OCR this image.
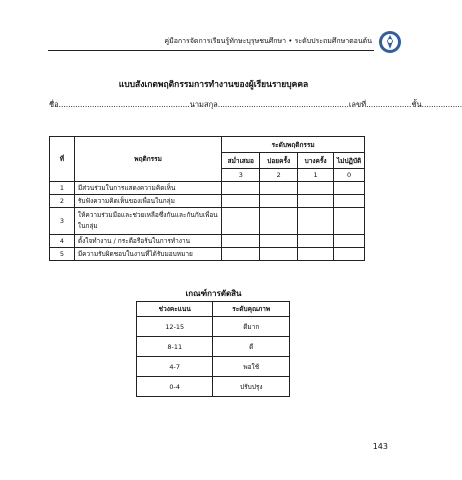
คู่มือการจัดการเรียนรู้ทักษะบุรุษชนศึกษา • ระดับประถมศึกษาตอนต้น
แบบสังเกตพฤติกรรมการทำงานของผู้เรียนรายบุคคล
ชื่อ.......................................................นามสกุล.......................................................เลขที่...................ชั้น.................
ที่	พฤติกรรม	ระดับพฤติกรรม			
		สม่ำเสมอ	บ่อยครั้ง	บางครั้ง	ไม่ปฏิบัติ
		3	2	1	0
1	มีส่วนร่วมในการแสดงความคิดเห็น				
2	รับฟังความคิดเห็นของเพื่อนในกลุ่ม				
3	ให้ความร่วมมือและช่วยเหลือซึ่งกันและกันกับเพื่อนในกลุ่ม				
4	ตั้งใจทำงาน / กระตือรือร้นในการทำงาน				
5	มีความรับผิดชอบในงานที่ได้รับมอบหมาย				
เกณฑ์การตัดสิน
ช่วงคะแนน	ระดับคุณภาพ
12-15	ดีมาก
8-11	ดี
4-7	พอใช้
0-4	ปรับปรุง
143
